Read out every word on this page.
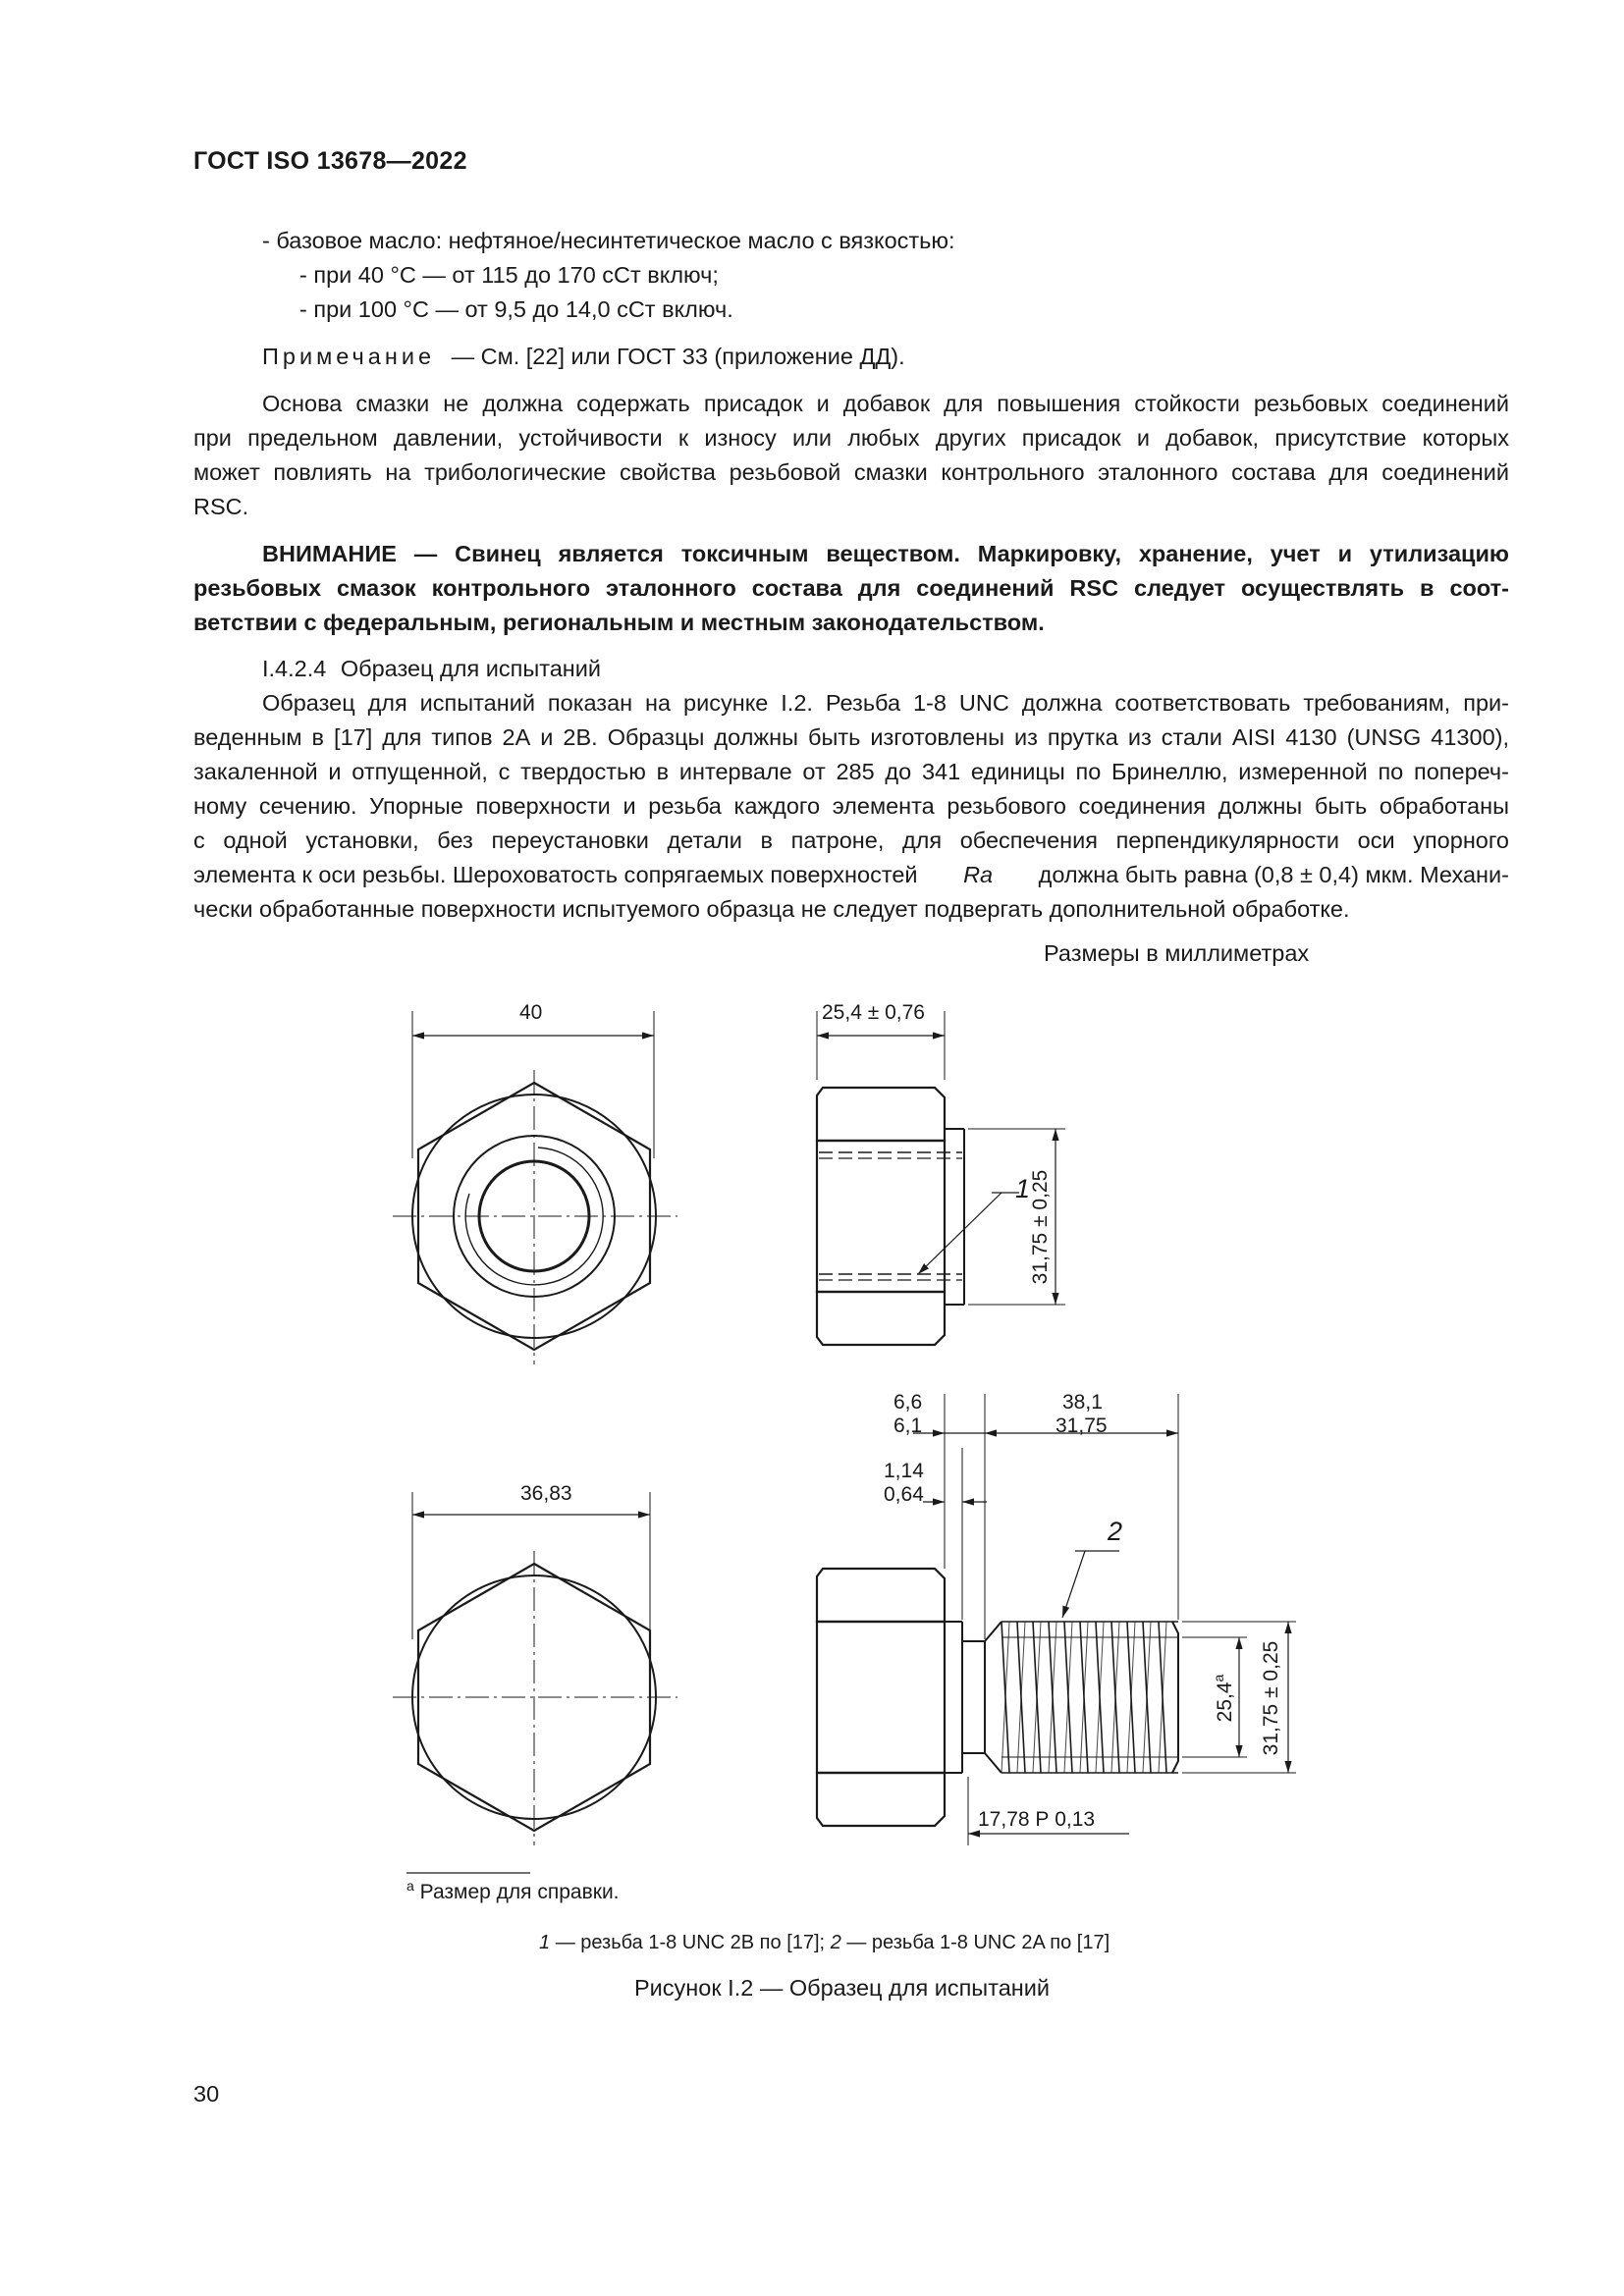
ГОСТ ISO 13678—2022
- базовое масло: нефтяное/несинтетическое масло с вязкостью:
- при 40 °С — от 115 до 170 сСт включ;
- при 100 °С — от 9,5 до 14,0 сСт включ.
Примечание — См. [22] или ГОСТ 33 (приложение ДД).
Основа смазки не должна содержать присадок и добавок для повышения стойкости резьбовых соединений
при предельном давлении, устойчивости к износу или любых других присадок и добавок, присутствие которых
может повлиять на трибологические свойства резьбовой смазки контрольного эталонного состава для соединений
RSC.
ВНИМАНИЕ — Свинец является токсичным веществом. Маркировку, хранение, учет и утилизацию
резьбовых смазок контрольного эталонного состава для соединений RSC следует осуществлять в соот-
ветствии с федеральным, региональным и местным законодательством.
I.4.2.4 Образец для испытаний
Образец для испытаний показан на рисунке I.2. Резьба 1-8 UNC должна соответствовать требованиям, при-
веденным в [17] для типов 2А и 2В. Образцы должны быть изготовлены из прутка из стали AISI 4130 (UNSG 41300),
закаленной и отпущенной, с твердостью в интервале от 285 до 341 единицы по Бринеллю, измеренной по попереч-
ному сечению. Упорные поверхности и резьба каждого элемента резьбового соединения должны быть обработаны
с одной установки, без переустановки детали в патроне, для обеспечения перпендикулярности оси упорного
элемента к оси резьбы. Шероховатость сопрягаемых поверхностей Ra должна быть равна (0,8 ± 0,4) мкм. Механи-
чески обработанные поверхности испытуемого образца не следует подвергать дополнительной обработке.
Размеры в миллиметрах
40	25,4 ± 0,76
1
31,75 ± 0,25
36,83
6,6
6,1
38,1
31,75
1,14
0,64
2
25,4$^a$	31,75 ± 0,25
17,78 Р 0,13
$^a$ Размер для справки.
1 — резьба 1-8 UNC 2B по [17]; 2 — резьба 1-8 UNC 2A по [17]
Рисунок I.2 — Образец для испытаний
30
